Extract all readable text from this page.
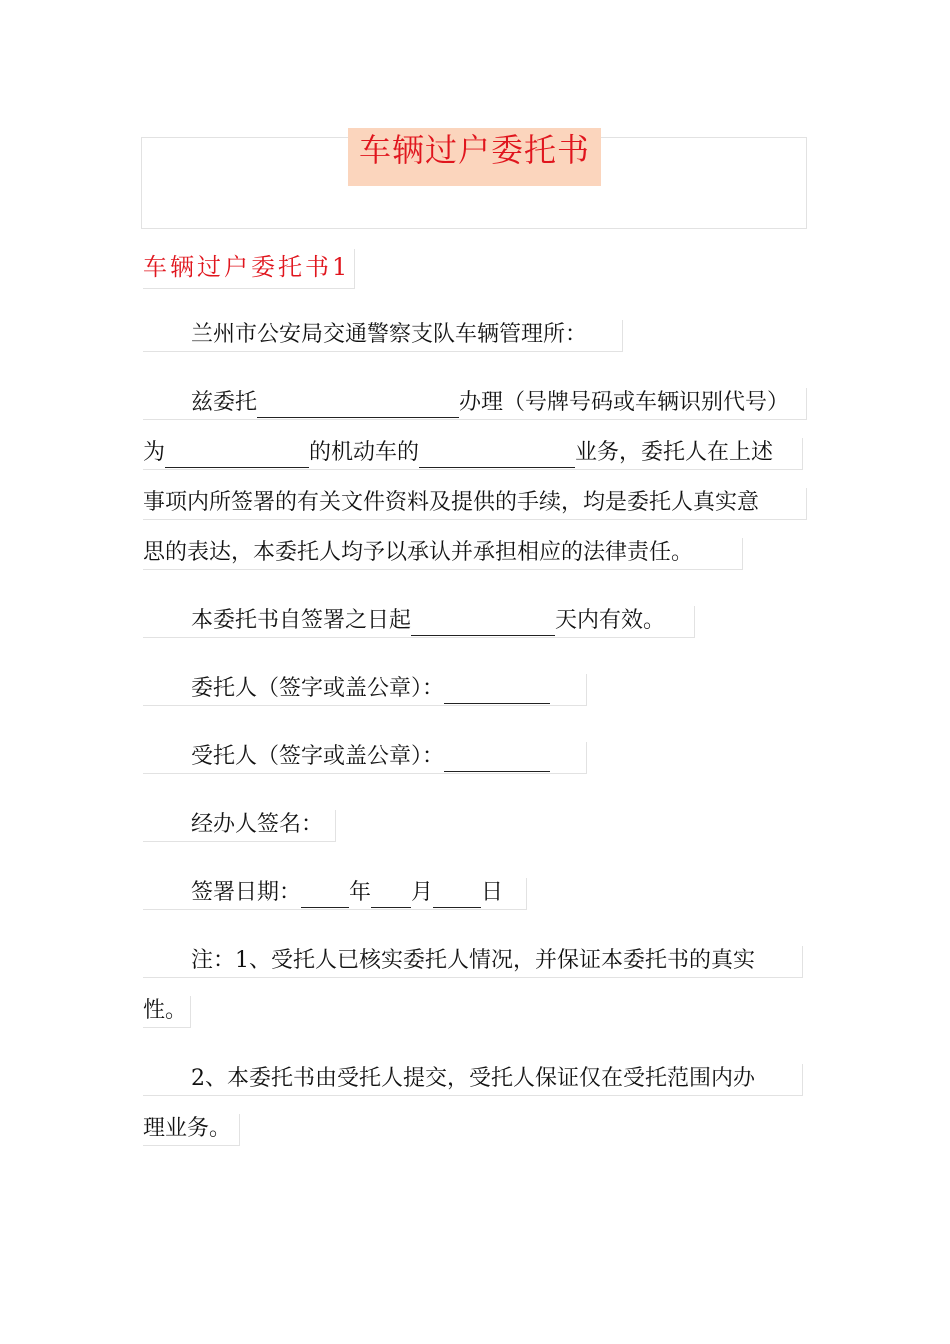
车辆过户委托书
车辆过户委托书1
兰州市公安局交通警察支队车辆管理所：
兹委托	办理（号牌号码或车辆识别代号）
为	的机动车的	业务，委托人在上述
事项内所签署的有关文件资料及提供的手续，均是委托人真实意
思的表达，本委托人均予以承认并承担相应的法律责任。
本委托书自签署之日起	天内有效。
委托人（签字或盖公章）：
受托人（签字或盖公章）：
经办人签名：
签署日期： 年 月 日
注：1、受托人已核实委托人情况，并保证本委托书的真实
性。
2、本委托书由受托人提交，受托人保证仅在受托范围内办
理业务。
